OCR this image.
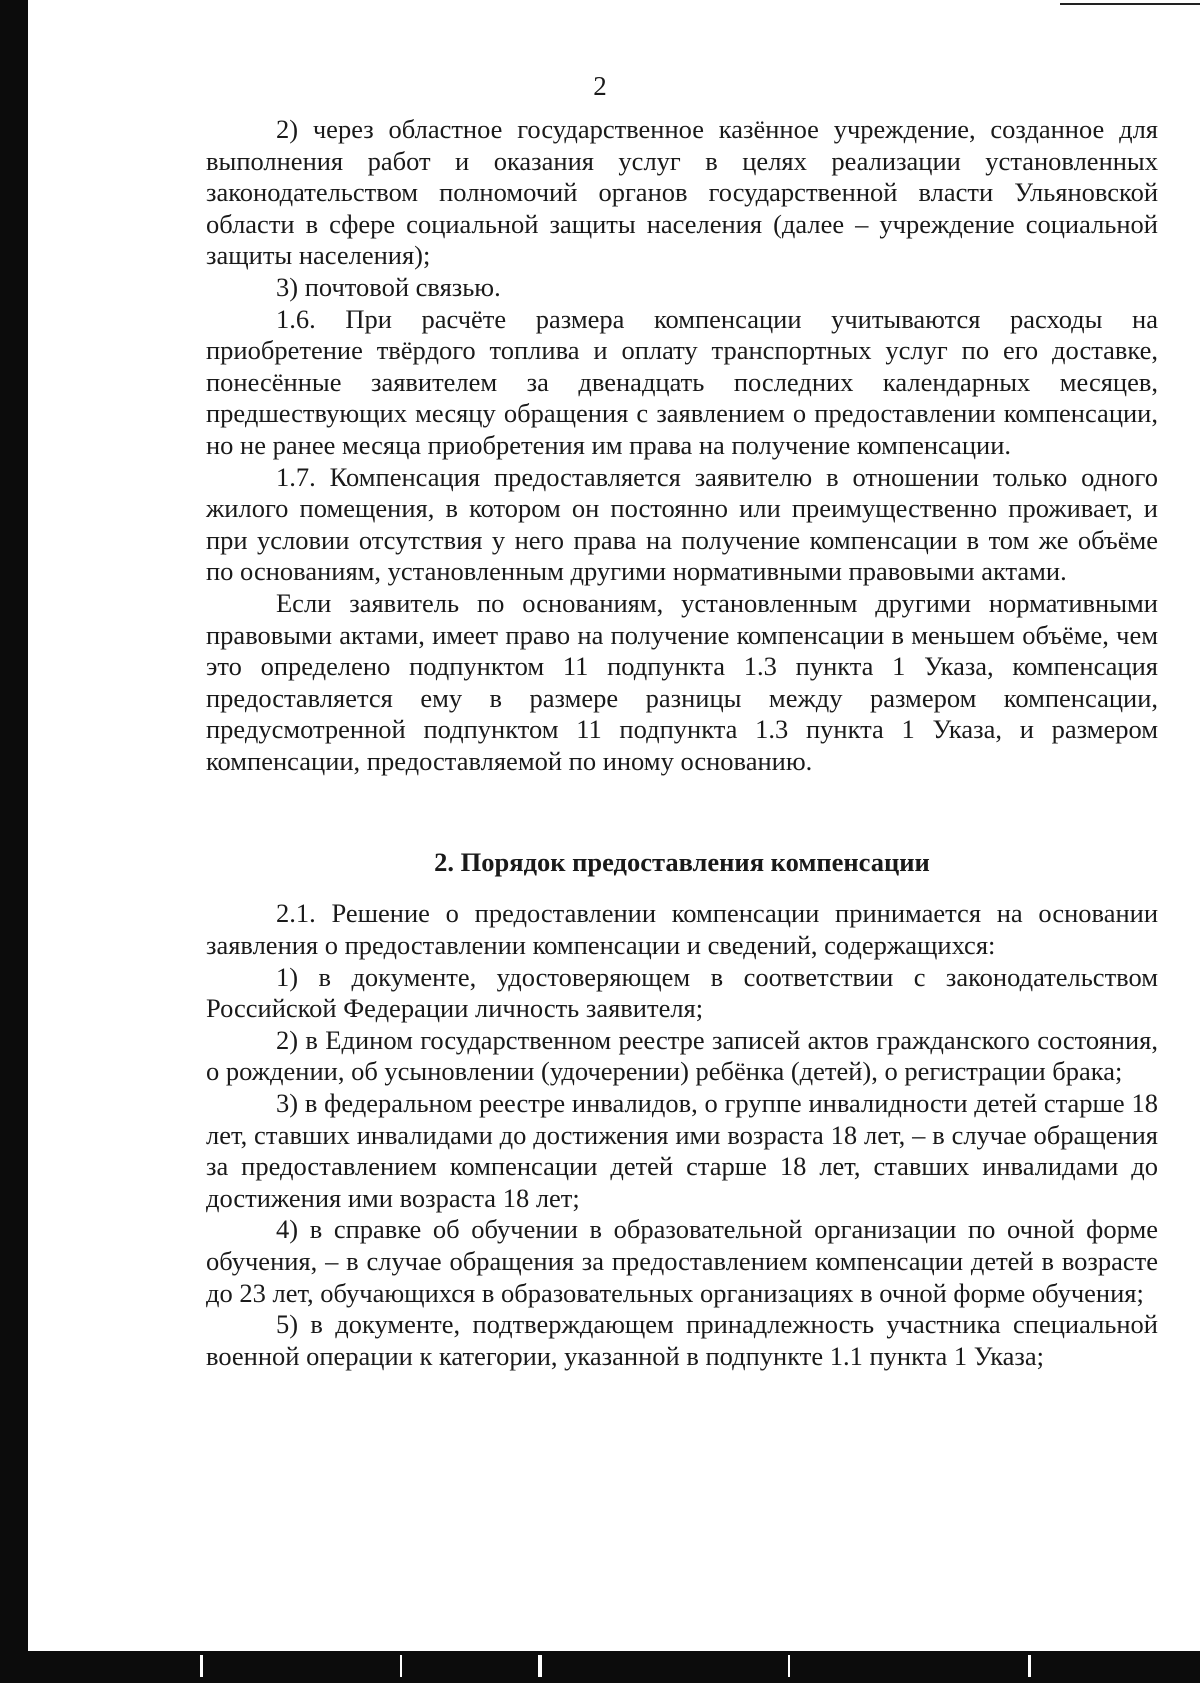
2

2) через областное государственное казённое учреждение, созданное для выполнения работ и оказания услуг в целях реализации установленных законодательством полномочий органов государственной власти Ульяновской области в сфере социальной защиты населения (далее – учреждение социальной защиты населения);

3) почтовой связью.

1.6. При расчёте размера компенсации учитываются расходы на приобретение твёрдого топлива и оплату транспортных услуг по его доставке, понесённые заявителем за двенадцать последних календарных месяцев, предшествующих месяцу обращения с заявлением о предоставлении компенсации, но не ранее месяца приобретения им права на получение компенсации.

1.7. Компенсация предоставляется заявителю в отношении только одного жилого помещения, в котором он постоянно или преимущественно проживает, и при условии отсутствия у него права на получение компенсации в том же объёме по основаниям, установленным другими нормативными правовыми актами.

Если заявитель по основаниям, установленным другими нормативными правовыми актами, имеет право на получение компенсации в меньшем объёме, чем это определено подпунктом 11 подпункта 1.3 пункта 1 Указа, компенсация предоставляется ему в размере разницы между размером компенсации, предусмотренной подпунктом 11 подпункта 1.3 пункта 1 Указа, и размером компенсации, предоставляемой по иному основанию.

2. Порядок предоставления компенсации

2.1. Решение о предоставлении компенсации принимается на основании заявления о предоставлении компенсации и сведений, содержащихся:

1) в документе, удостоверяющем в соответствии с законодательством Российской Федерации личность заявителя;

2) в Едином государственном реестре записей актов гражданского состояния, о рождении, об усыновлении (удочерении) ребёнка (детей), о регистрации брака;

3) в федеральном реестре инвалидов, о группе инвалидности детей старше 18 лет, ставших инвалидами до достижения ими возраста 18 лет, – в случае обращения за предоставлением компенсации детей старше 18 лет, ставших инвалидами до достижения ими возраста 18 лет;

4) в справке об обучении в образовательной организации по очной форме обучения, – в случае обращения за предоставлением компенсации детей в возрасте до 23 лет, обучающихся в образовательных организациях в очной форме обучения;

5) в документе, подтверждающем принадлежность участника специальной военной операции к категории, указанной в подпункте 1.1 пункта 1 Указа;
